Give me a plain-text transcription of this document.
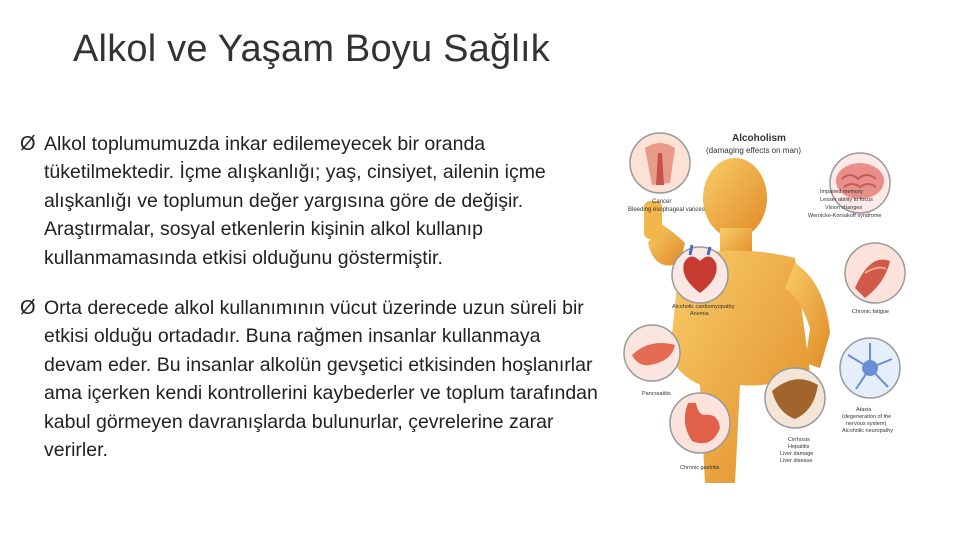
Alkol ve Yaşam Boyu Sağlık
Ø Alkol toplumumuzda inkar edilemeyecek bir oranda tüketilmektedir. İçme alışkanlığı; yaş, cinsiyet, ailenin içme alışkanlığı ve toplumun değer yargısına göre de değişir. Araştırmalar, sosyal etkenlerin kişinin alkol kullanıp kullanmamasında etkisi olduğunu göstermiştir.
Ø Orta derecede alkol kullanımının vücut üzerinde uzun süreli bir etkisi olduğu ortadadır. Buna rağmen insanlar kullanmaya devam eder. Bu insanlar alkolün gevşetici etkisinden hoşlanırlar ama içerken kendi kontrollerini kaybederler ve toplum tarafından kabul görmeyen davranışlarda bulunurlar, çevrelerine zarar verirler.
Alcoholism
(damaging effects on man)
Cancer
Bleeding esophageal varices
Impaired memory
Lesser ability to focus
Vision changes
Wernicke-Korsakoff syndrome
Alcoholic cardiomyopathy
Anemia	Chronic fatigue
Pancreatitis
Ataxia
(degeneration of the
nervous system)
Alcoholic neuropathy
Cirrhosis
Hepatitis
Liver damage
Liver disease
Chronic gastritis
